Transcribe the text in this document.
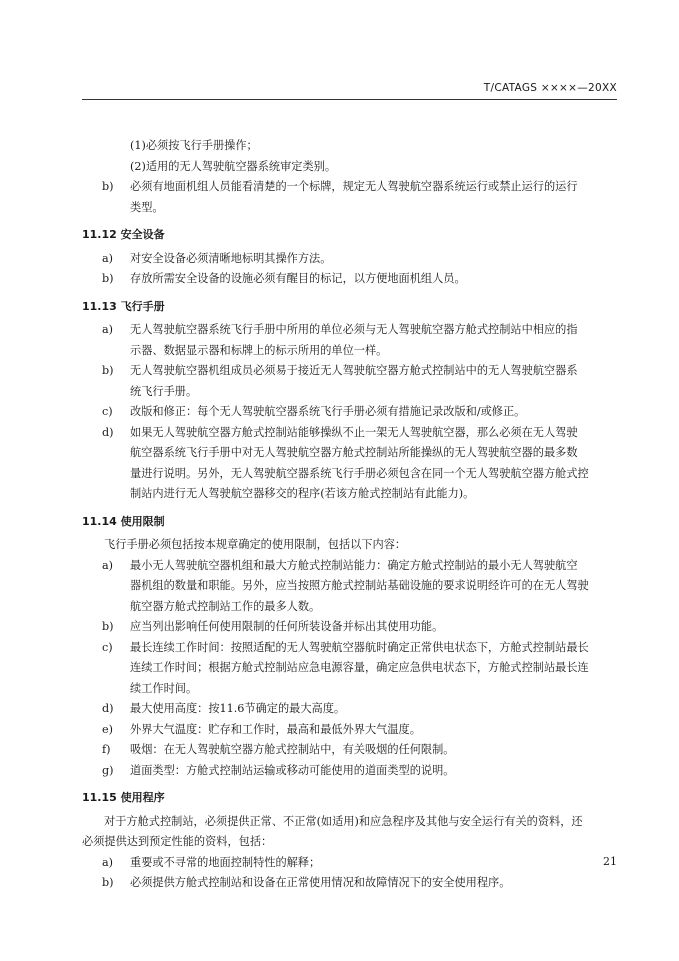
T/CATAGS ××××—20XX
(1)必须按飞行手册操作；
(2)适用的无人驾驶航空器系统审定类别。
b)	必须有地面机组人员能看清楚的一个标牌，规定无人驾驶航空器系统运行或禁止运行的运行
类型。
11.12 安全设备
a)	对安全设备必须清晰地标明其操作方法。
b)	存放所需安全设备的设施必须有醒目的标记，以方便地面机组人员。
11.13 飞行手册
a)	无人驾驶航空器系统飞行手册中所用的单位必须与无人驾驶航空器方舱式控制站中相应的指
示器、数据显示器和标牌上的标示所用的单位一样。
b)	无人驾驶航空器机组成员必须易于接近无人驾驶航空器方舱式控制站中的无人驾驶航空器系
统飞行手册。
c)	改版和修正：每个无人驾驶航空器系统飞行手册必须有措施记录改版和/或修正。
d)	如果无人驾驶航空器方舱式控制站能够操纵不止一架无人驾驶航空器，那么必须在无人驾驶
航空器系统飞行手册中对无人驾驶航空器方舱式控制站所能操纵的无人驾驶航空器的最多数
量进行说明。另外，无人驾驶航空器系统飞行手册必须包含在同一个无人驾驶航空器方舱式控
制站内进行无人驾驶航空器移交的程序(若该方舱式控制站有此能力)。
11.14 使用限制
飞行手册必须包括按本规章确定的使用限制，包括以下内容：
a)	最小无人驾驶航空器机组和最大方舱式控制站能力：确定方舱式控制站的最小无人驾驶航空
器机组的数量和职能。另外，应当按照方舱式控制站基础设施的要求说明经许可的在无人驾驶
航空器方舱式控制站工作的最多人数。
b)	应当列出影响任何使用限制的任何所装设备并标出其使用功能。
c)	最长连续工作时间：按照适配的无人驾驶航空器航时确定正常供电状态下，方舱式控制站最长
连续工作时间；根据方舱式控制站应急电源容量，确定应急供电状态下，方舱式控制站最长连
续工作时间。
d)	最大使用高度：按11.6节确定的最大高度。
e)	外界大气温度：贮存和工作时，最高和最低外界大气温度。
f)	吸烟：在无人驾驶航空器方舱式控制站中，有关吸烟的任何限制。
g)	道面类型：方舱式控制站运输或移动可能使用的道面类型的说明。
11.15 使用程序
对于方舱式控制站，必须提供正常、不正常(如适用)和应急程序及其他与安全运行有关的资料，还
必须提供达到预定性能的资料，包括：
a)	重要或不寻常的地面控制特性的解释；
b)	必须提供方舱式控制站和设备在正常使用情况和故障情况下的安全使用程序。
21
